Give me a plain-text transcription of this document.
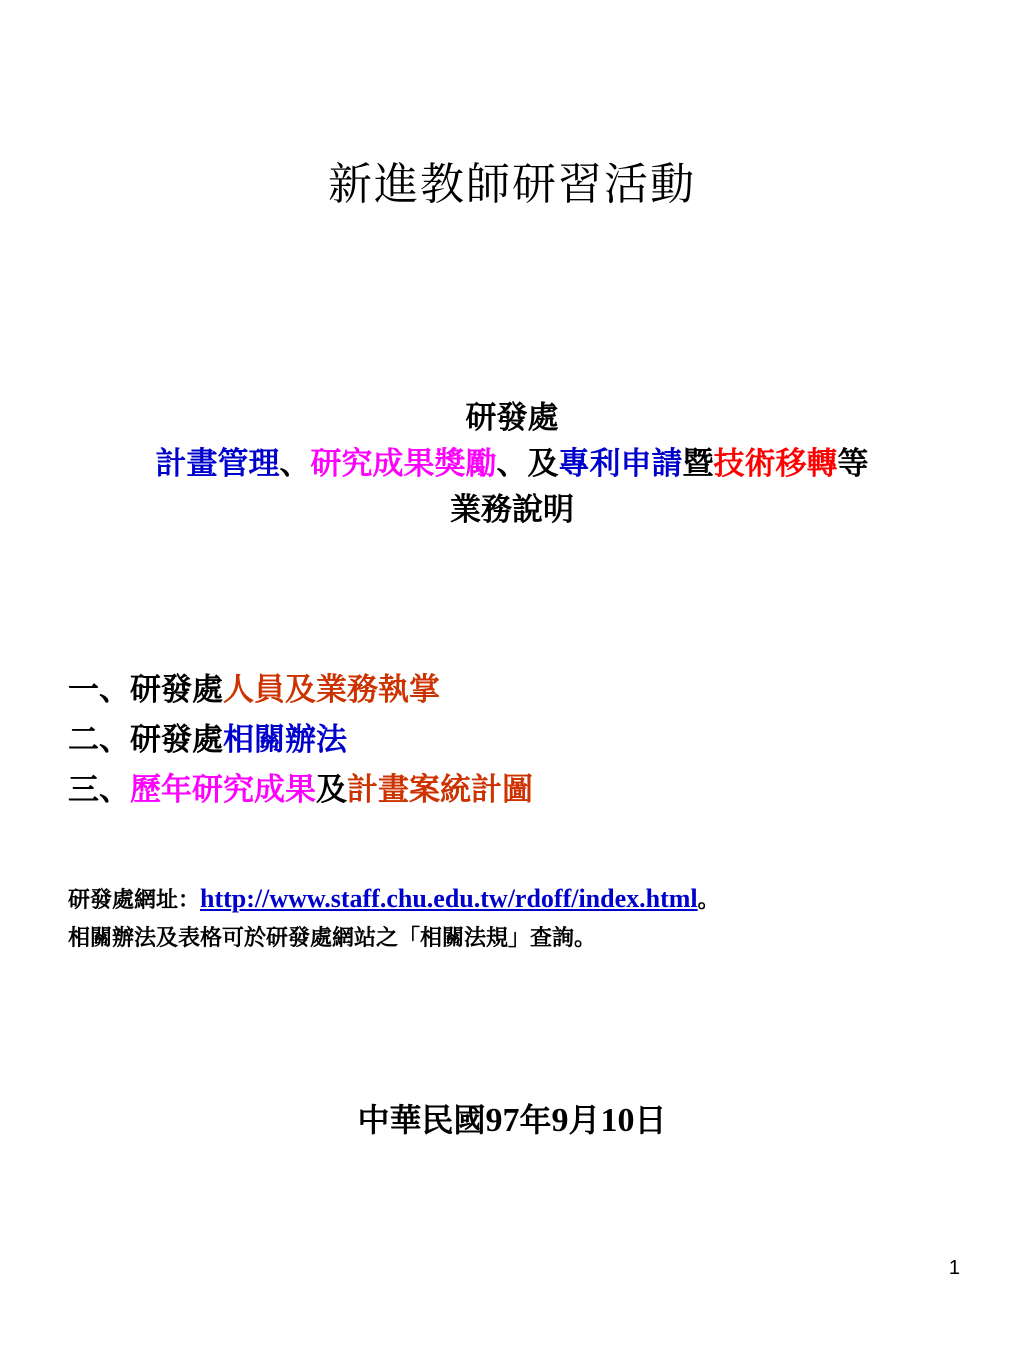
新進教師研習活動
研發處
計畫管理、研究成果獎勵、及專利申請暨技術移轉等
業務說明
一、研發處人員及業務執掌
二、研發處相關辦法
三、歷年研究成果及計畫案統計圖
研發處網址：http://www.staff.chu.edu.tw/rdoff/index.html。
相關辦法及表格可於研發處網站之「相關法規」查詢。
中華民國97年9月10日
1
